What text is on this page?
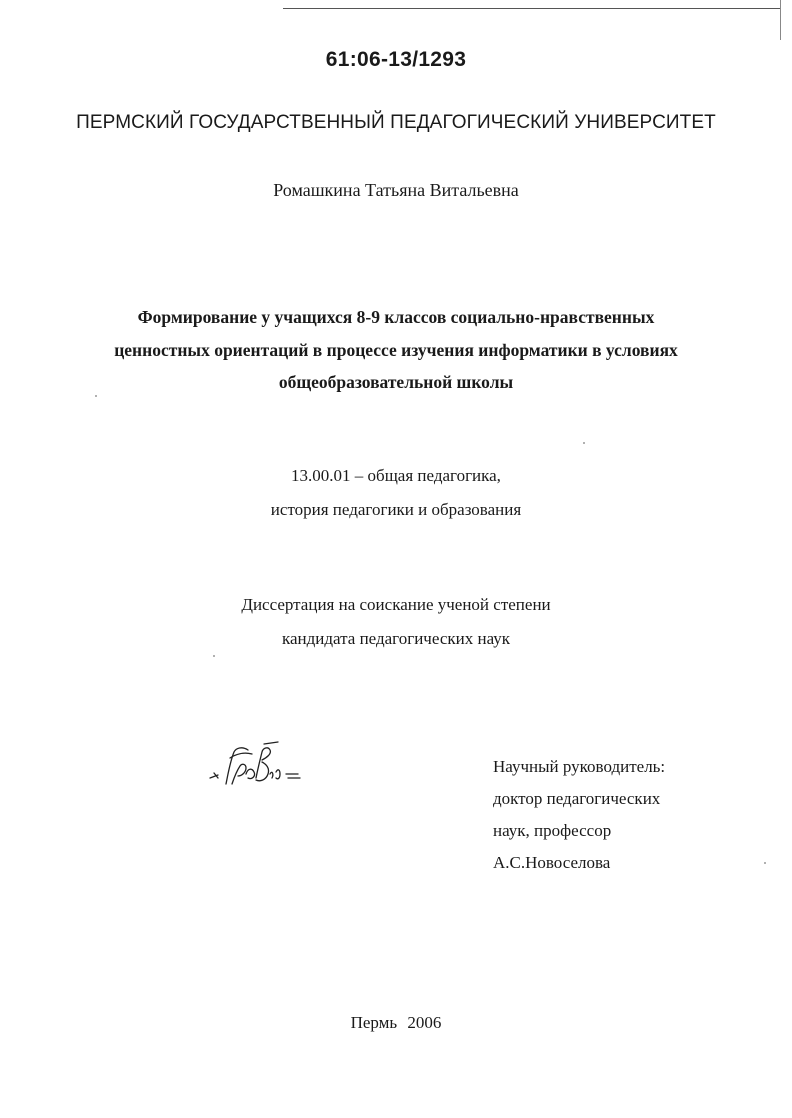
61:06-13/1293
ПЕРМСКИЙ ГОСУДАРСТВЕННЫЙ ПЕДАГОГИЧЕСКИЙ УНИВЕРСИТЕТ
Ромашкина Татьяна Витальевна
Формирование у учащихся 8-9 классов социально-нравственных
ценностных ориентаций в процессе изучения информатики в условиях
общеобразовательной школы
13.00.01 – общая педагогика,
история педагогики и образования
Диссертация на соискание ученой степени
кандидата педагогических наук
Научный руководитель:
доктор педагогических
наук, профессор
А.С.Новоселова
Пермь 2006
